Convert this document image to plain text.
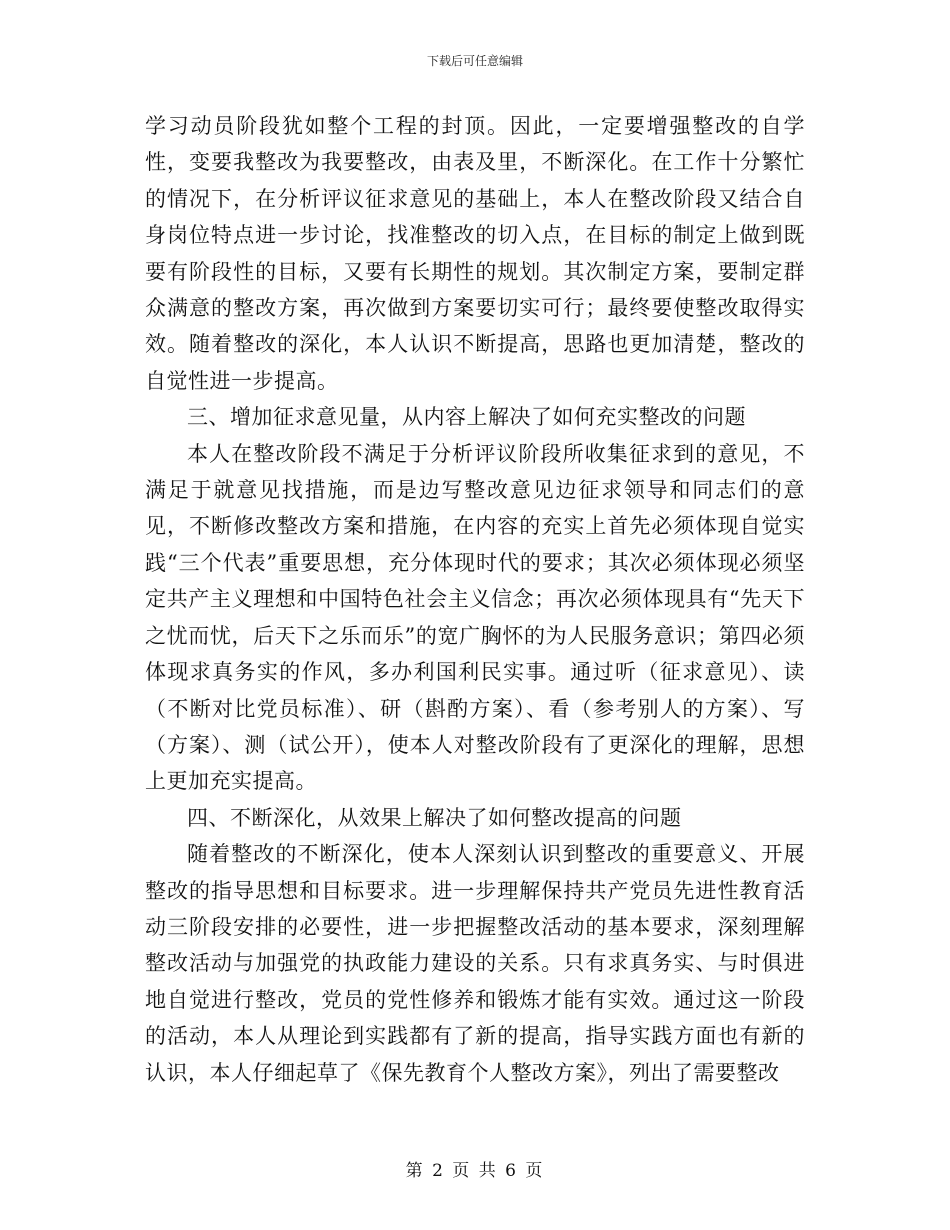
下载后可任意编辑

学习动员阶段犹如整个工程的封顶。因此，一定要增强整改的自学性，变要我整改为我要整改，由表及里，不断深化。在工作十分繁忙的情况下，在分析评议征求意见的基础上，本人在整改阶段又结合自身岗位特点进一步讨论，找准整改的切入点，在目标的制定上做到既要有阶段性的目标，又要有长期性的规划。其次制定方案，要制定群众满意的整改方案，再次做到方案要切实可行；最终要使整改取得实效。随着整改的深化，本人认识不断提高，思路也更加清楚，整改的自觉性进一步提高。

三、增加征求意见量，从内容上解决了如何充实整改的问题

本人在整改阶段不满足于分析评议阶段所收集征求到的意见，不满足于就意见找措施，而是边写整改意见边征求领导和同志们的意见，不断修改整改方案和措施，在内容的充实上首先必须体现自觉实践“三个代表”重要思想，充分体现时代的要求；其次必须体现必须坚定共产主义理想和中国特色社会主义信念；再次必须体现具有“先天下之忧而忧，后天下之乐而乐”的宽广胸怀的为人民服务意识；第四必须体现求真务实的作风，多办利国利民实事。通过听（征求意见）、读（不断对比党员标准）、研（斟酌方案）、看（参考别人的方案）、写（方案）、测（试公开），使本人对整改阶段有了更深化的理解，思想上更加充实提高。

四、不断深化，从效果上解决了如何整改提高的问题

随着整改的不断深化，使本人深刻认识到整改的重要意义、开展整改的指导思想和目标要求。进一步理解保持共产党员先进性教育活动三阶段安排的必要性，进一步把握整改活动的基本要求，深刻理解整改活动与加强党的执政能力建设的关系。只有求真务实、与时俱进地自觉进行整改，党员的党性修养和锻炼才能有实效。通过这一阶段的活动，本人从理论到实践都有了新的提高，指导实践方面也有新的认识，本人仔细起草了《保先教育个人整改方案》，列出了需要整改

第 2 页 共 6 页
